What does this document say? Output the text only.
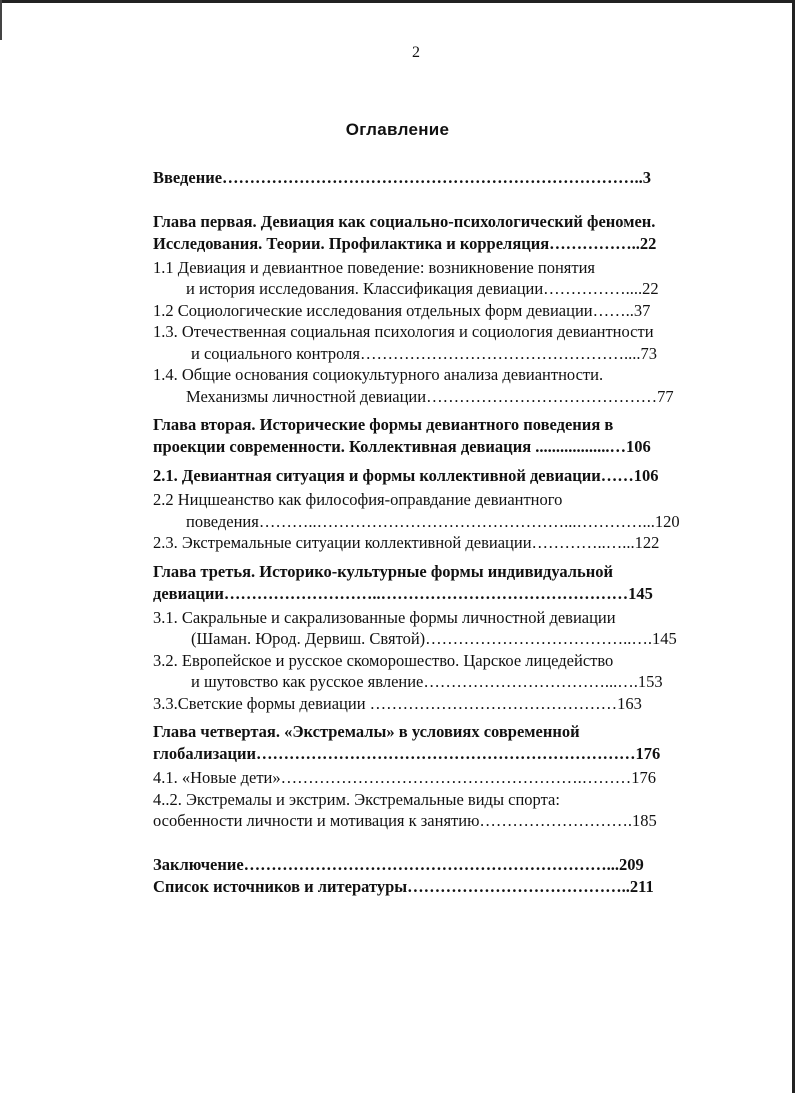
2
Оглавление
Введение…………………………………………………………………..3
Глава первая. Девиация как социально-психологический феномен.
Исследования. Теории. Профилактика и корреляция……………..22
1.1 Девиация и девиантное поведение: возникновение понятия
и история исследования. Классификация девиации……………....22
1.2 Социологические исследования отдельных форм девиации……..37
1.3. Отечественная социальная психология и социология девиантности
и социального контроля…………………………………………....73
1.4. Общие основания социокультурного анализа девиантности.
Механизмы личностной девиации……………………………………77
Глава вторая. Исторические формы девиантного поведения в
проекции современности. Коллективная девиация ..................…106
2.1. Девиантная ситуация и формы коллективной девиации……106
2.2 Ницшеанство как философия-оправдание девиантного
поведения………..………………………………………...…………...120
2.3. Экстремальные ситуации коллективной девиации…………..…...122
Глава третья. Историко-культурные формы индивидуальной
девиации………………………..………………………………………145
3.1. Сакральные и сакрализованные формы личностной девиации
(Шаман. Юрод. Дервиш. Святой)………………………………..….145
3.2. Европейское и русское скоморошество. Царское лицедейство
и шутовство как русское явление……………………………...….153
3.3.Светские формы девиации ………………………………………163
Глава четвертая. «Экстремалы» в условиях современной
глобализации……………………………………………………………176
4.1. «Новые дети»……………………………………………….………176
4..2. Экстремалы и экстрим. Экстремальные виды спорта:
особенности личности и мотивация к занятию……………………….185
Заключение…………………………………………………………...209
Список источников и литературы…………………………………..211
